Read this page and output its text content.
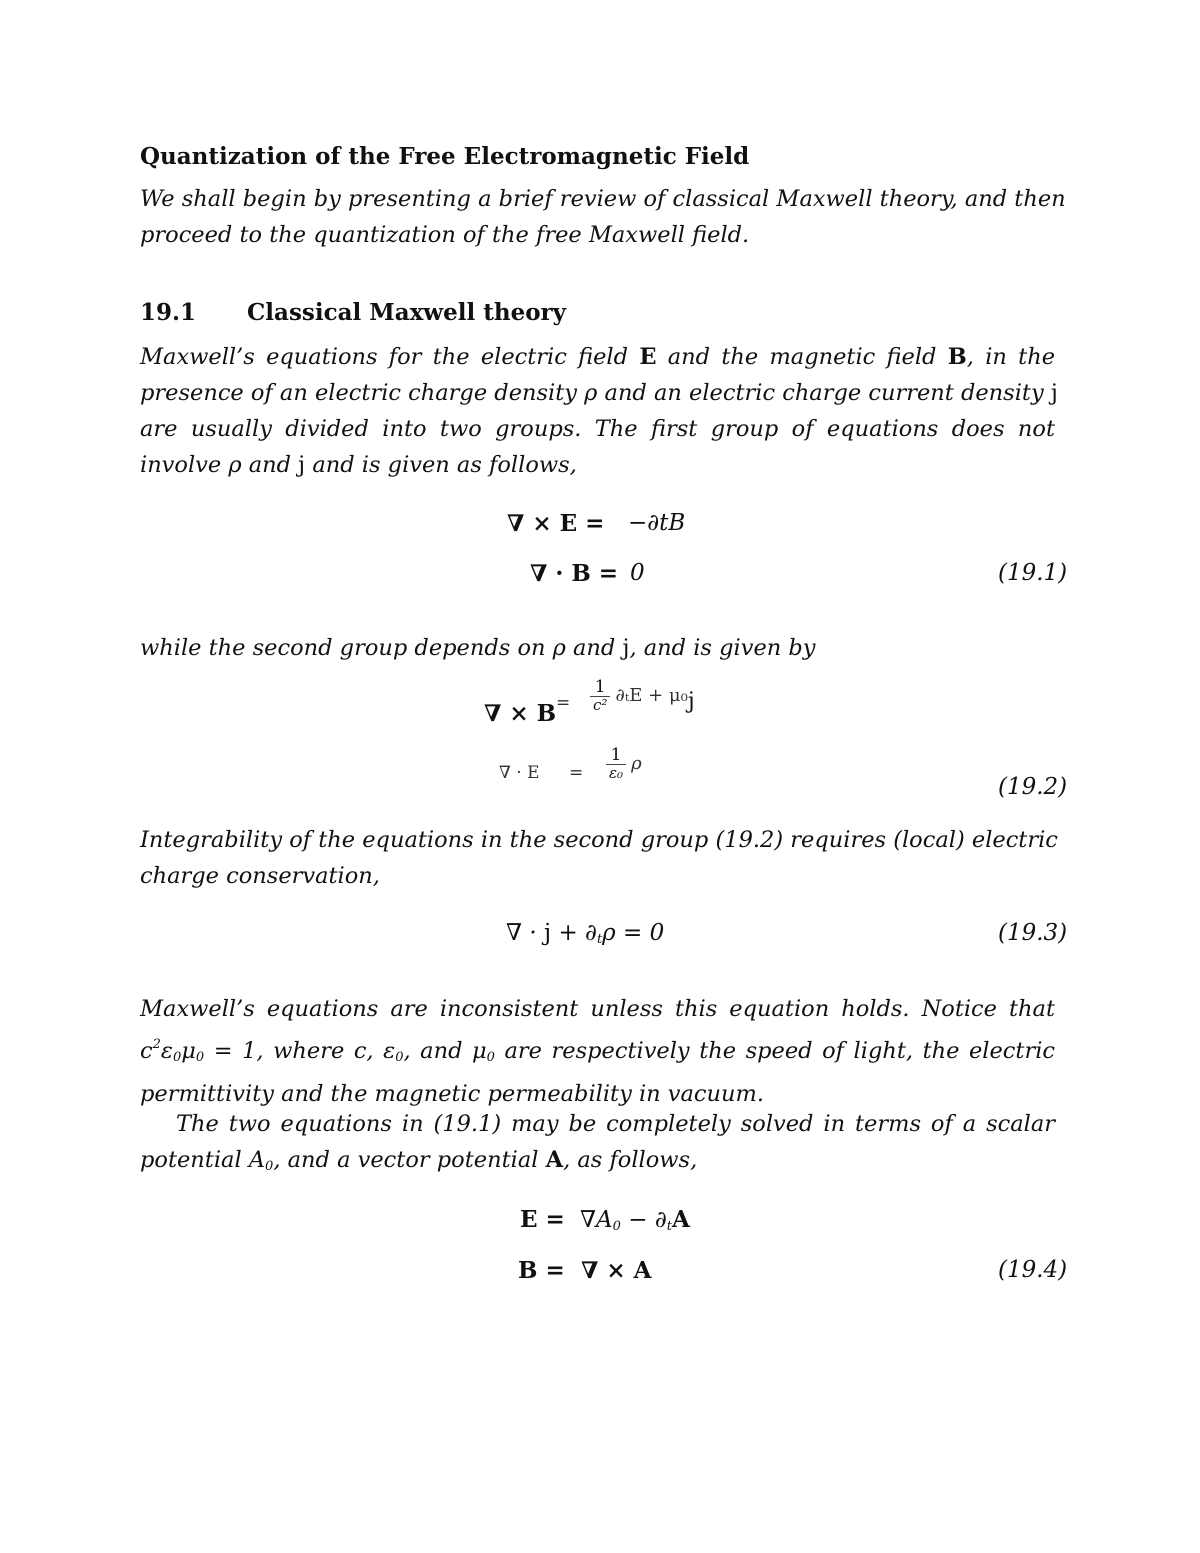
Quantization of the Free Electromagnetic Field
We shall begin by presenting a brief review of classical Maxwell theory, and then
proceed to the quantization of the free Maxwell field.
19.1 Classical Maxwell theory
Maxwell’s equations for the electric field E and the magnetic field B, in the
presence of an electric charge density ρ and an electric charge current density j
are usually divided into two groups. The first group of equations does not
involve ρ and j and is given as follows,
∇ × E = −∂tB
∇ · B = 0	(19.1)
while the second group depends on ρ and j, and is given by
∇ × $B = \frac{1}{\text{c²}} \partial_tE + \mu_0j$
∇ · $E = \frac{1}{\text{ε₀}}$ ρ
(19.2)
Integrability of the equations in the second group (19.2) requires (local) electric
charge conservation,
∇ · j + ∂tρ = 0	(19.3)
Maxwell’s equations are inconsistent unless this equation holds. Notice that
$c^2\varepsilon 0\mu 0 = 1$, where c, ε0, and μ0 are respectively the speed of light, the electric
permittivity and the magnetic permeability in vacuum.
The two equations in (19.1) may be completely solved in terms of a scalar
potential A0, and a vector potential A, as follows,
E = ∇A0 − ∂tA
B = ∇ × A	(19.4)
